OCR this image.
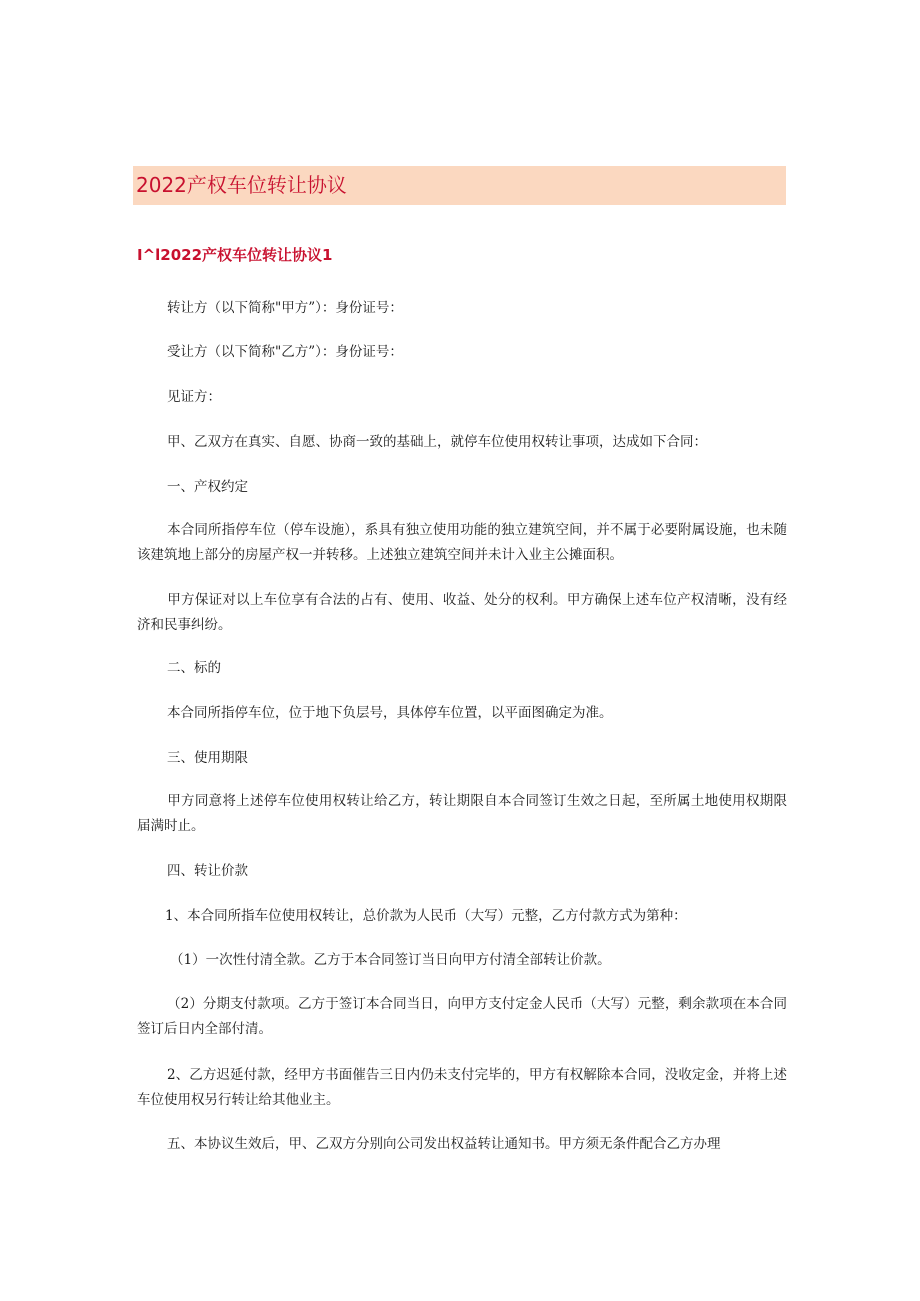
2022产权车位转让协议
I^l2022产权车位转让协议1
转让方（以下简称"甲方”）：身份证号：
受让方（以下简称"乙方”）：身份证号：
见证方：
甲、乙双方在真实、自愿、协商一致的基础上，就停车位使用权转让事项，达成如下合同：
一、产权约定
本合同所指停车位（停车设施），系具有独立使用功能的独立建筑空间，并不属于必要附属设施，也未随该建筑地上部分的房屋产权一并转移。上述独立建筑空间并未计入业主公摊面积。
甲方保证对以上车位享有合法的占有、使用、收益、处分的权利。甲方确保上述车位产权清晰，没有经济和民事纠纷。
二、标的
本合同所指停车位，位于地下负层号，具体停车位置，以平面图确定为准。
三、使用期限
甲方同意将上述停车位使用权转让给乙方，转让期限自本合同签订生效之日起，至所属土地使用权期限届满时止。
四、转让价款
1、本合同所指车位使用权转让，总价款为人民币（大写）元整，乙方付款方式为第种：
（1）一次性付清全款。乙方于本合同签订当日向甲方付清全部转让价款。
（2）分期支付款项。乙方于签订本合同当日，向甲方支付定金人民币（大写）元整，剩余款项在本合同签订后日内全部付清。
2、乙方迟延付款，经甲方书面催告三日内仍未支付完毕的，甲方有权解除本合同，没收定金，并将上述车位使用权另行转让给其他业主。
五、本协议生效后，甲、乙双方分别向公司发出权益转让通知书。甲方须无条件配合乙方办理
